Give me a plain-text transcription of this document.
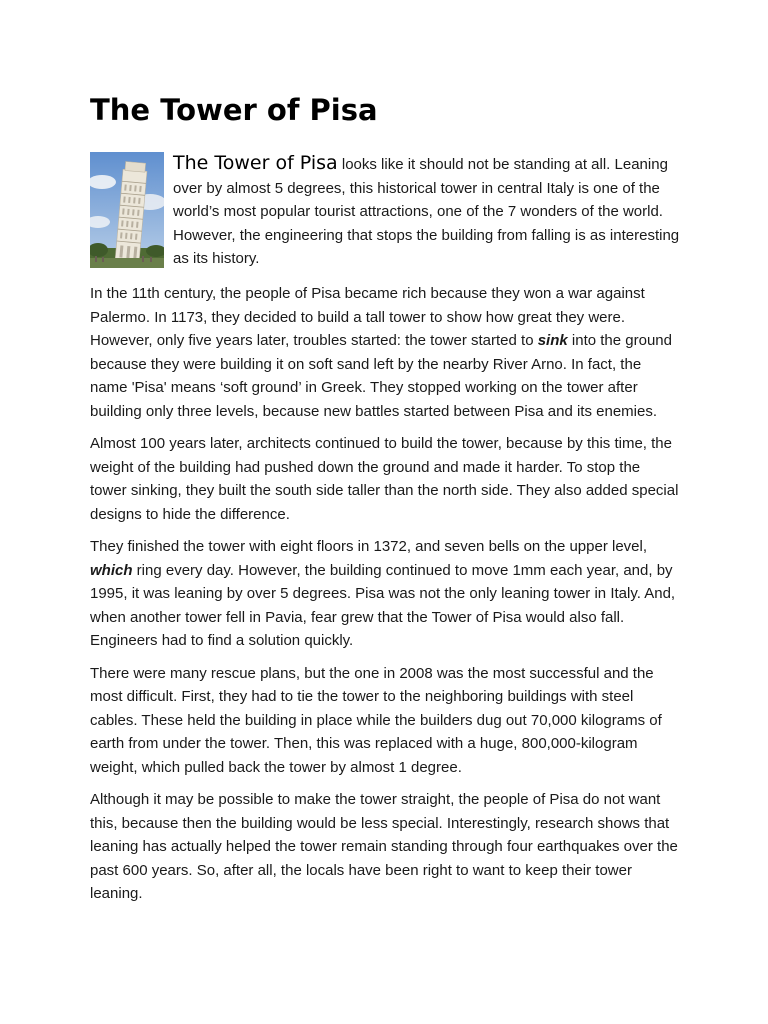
The Tower of Pisa

The Tower of Pisa looks like it should not be standing at all. Leaning over by almost 5 degrees, this historical tower in central Italy is one of the world’s most popular tourist attractions, one of the 7 wonders of the world. However, the engineering that stops the building from falling is as interesting as its history.

In the 11th century, the people of Pisa became rich because they won a war against Palermo. In 1173, they decided to build a tall tower to show how great they were. However, only five years later, troubles started: the tower started to sink into the ground because they were building it on soft sand left by the nearby River Arno. In fact, the name 'Pisa' means ‘soft ground’ in Greek. They stopped working on the tower after building only three levels, because new battles started between Pisa and its enemies.

Almost 100 years later, architects continued to build the tower, because by this time, the weight of the building had pushed down the ground and made it harder. To stop the tower sinking, they built the south side taller than the north side. They also added special designs to hide the difference.

They finished the tower with eight floors in 1372, and seven bells on the upper level, which ring every day. However, the building continued to move 1mm each year, and, by 1995, it was leaning by over 5 degrees. Pisa was not the only leaning tower in Italy. And, when another tower fell in Pavia, fear grew that the Tower of Pisa would also fall. Engineers had to find a solution quickly.

There were many rescue plans, but the one in 2008 was the most successful and the most difficult. First, they had to tie the tower to the neighboring buildings with steel cables. These held the building in place while the builders dug out 70,000 kilograms of earth from under the tower. Then, this was replaced with a huge, 800,000-kilogram weight, which pulled back the tower by almost 1 degree.

Although it may be possible to make the tower straight, the people of Pisa do not want this, because then the building would be less special. Interestingly, research shows that leaning has actually helped the tower remain standing through four earthquakes over the past 600 years. So, after all, the locals have been right to want to keep their tower leaning.
